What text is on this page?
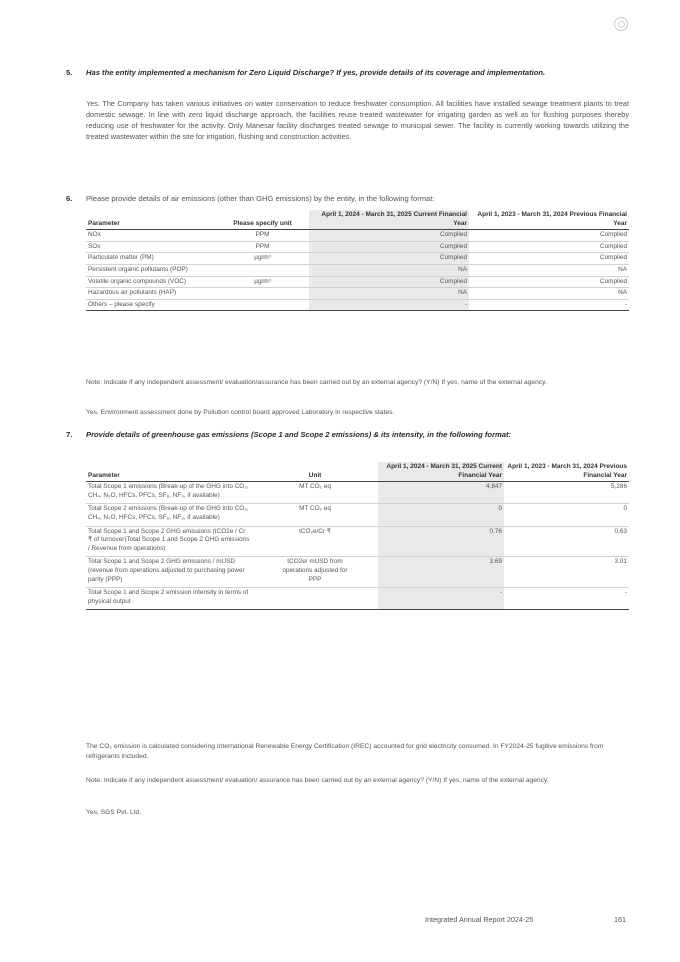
5. Has the entity implemented a mechanism for Zero Liquid Discharge? If yes, provide details of its coverage and implementation.
Yes. The Company has taken various initiatives on water conservation to reduce freshwater consumption. All facilities have installed sewage treatment plants to treat domestic sewage. In line with zero liquid discharge approach, the facilities reuse treated wastewater for irrigating garden as well as for flushing purposes thereby reducing use of freshwater for the activity. Only Manesar facility discharges treated sewage to municipal sewer. The facility is currently working towards utilizing the treated wastewater within the site for irrigation, flushing and construction activities.
6. Please provide details of air emissions (other than GHG emissions) by the entity, in the following format:
Parameter	Please specify unit	April 1, 2024 - March 31, 2025 Current Financial Year	April 1, 2023 - March 31, 2024 Previous Financial Year
NOx	PPM	Complied	Complied
SOx	PPM	Complied	Complied
Particulate matter (PM)	µg/m³	Complied	Complied
Persistent organic pollutants (POP)		NA	NA
Volatile organic compounds (VOC)	µg/m³	Complied	Complied
Hazardous air pollutants (HAP)		NA	NA
Others – please specify		-	-
Note: Indicate if any independent assessment/ evaluation/assurance has been carried out by an external agency? (Y/N) If yes, name of the external agency.
Yes, Environment assessment done by Pollution control board approved Laboratory in respective states.
7. Provide details of greenhouse gas emissions (Scope 1 and Scope 2 emissions) & its intensity, in the following format:
Parameter	Unit	April 1, 2024 - March 31, 2025 Current Financial Year	April 1, 2023 - March 31, 2024 Previous Financial Year
Total Scope 1 emissions (Break-up of the GHG into CO₂, CH₄, N₂O, HFCs, PFCs, SF₆, NF₃, if available)	MT CO₂ eq	4,847	5,286
Total Scope 2 emissions (Break-up of the GHG into CO₂, CH₄, N₂O, HFCs, PFCs, SF₆, NF₃, if available)	MT CO₂ eq	0	0
Total Scope 1 and Scope 2 GHG emissions (tCO2e / Cr ₹ of turnover)Total Scope 1 and Scope 2 GHG emissions / Revenue from operations)	tCO₂e/Cr ₹	0.76	0.63
Total Scope 1 and Scope 2 GHG emissions / mUSD (revenue from operations adjusted to purchasing power parity (PPP)	tCO2e/ mUSD from operations adjusted for PPP	3.69	3.01
Total Scope 1 and Scope 2 emission intensity in terms of physical output		-	-
The CO₂ emission is calculated considering International Renewable Energy Certification (IREC) accounted for grid electricity consumed. In FY2024-25 fugitive emissions from refrigerants included.
Note: Indicate if any independent assessment/ evaluation/ assurance has been carried out by an external agency? (Y/N) If yes, name of the external agency.
Yes, SGS Pvt. Ltd.
Integrated Annual Report 2024-25	161
